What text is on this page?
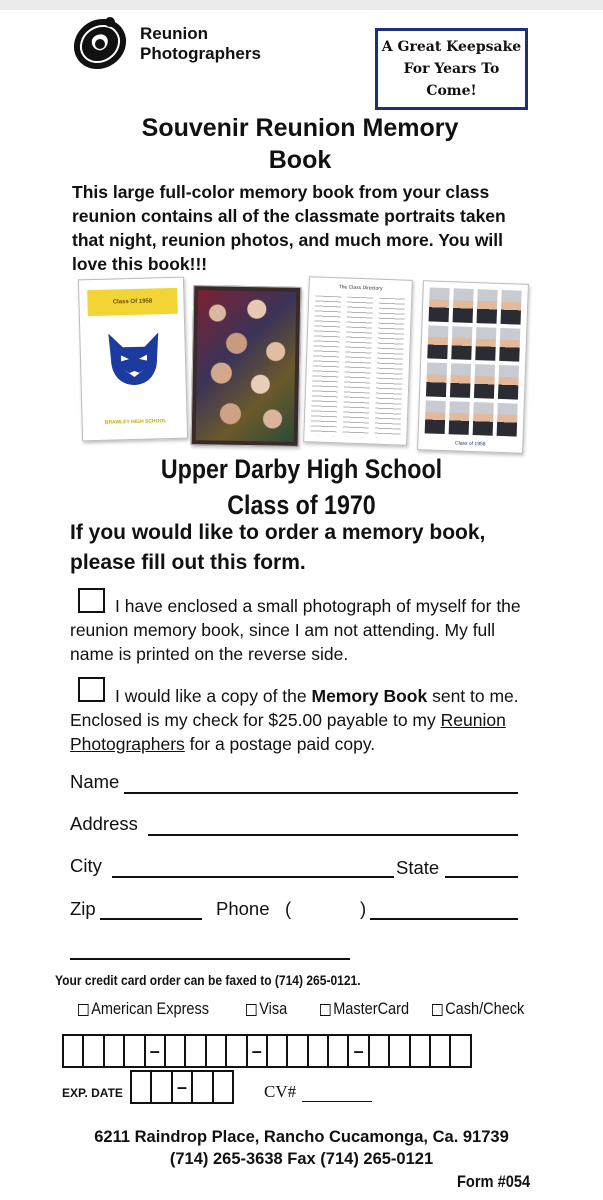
Reunion
Photographers	A Great Keepsake
For Years To Come!
Souvenir Reunion Memory
Book
This large full-color memory book from your class reunion contains all of the classmate portraits taken that night, reunion photos, and much more. You will love this book!!!
Class Of 1958
BRAWLEY HIGH SCHOOL
The Class Directory
Class of 1958
Upper Darby High School
Class of 1970
If you would like to order a memory book,
please fill out this form.
I have enclosed a small photograph of myself for the reunion memory book, since I am not attending. My full name is printed on the reverse side.
I would like a copy of the Memory Book sent to me. Enclosed is my check for $25.00 payable to my Reunion Photographers for a postage paid copy.
Name
Address
City	State
Zip	Phone (	)
Your credit card order can be faxed to (714) 265-0121.
American Express	Visa	MasterCard Cash/Check
–	–	–
EXP. DATE	–	CV#
6211 Raindrop Place, Rancho Cucamonga, Ca. 91739
(714) 265-3638 Fax (714) 265-0121
Form #054
